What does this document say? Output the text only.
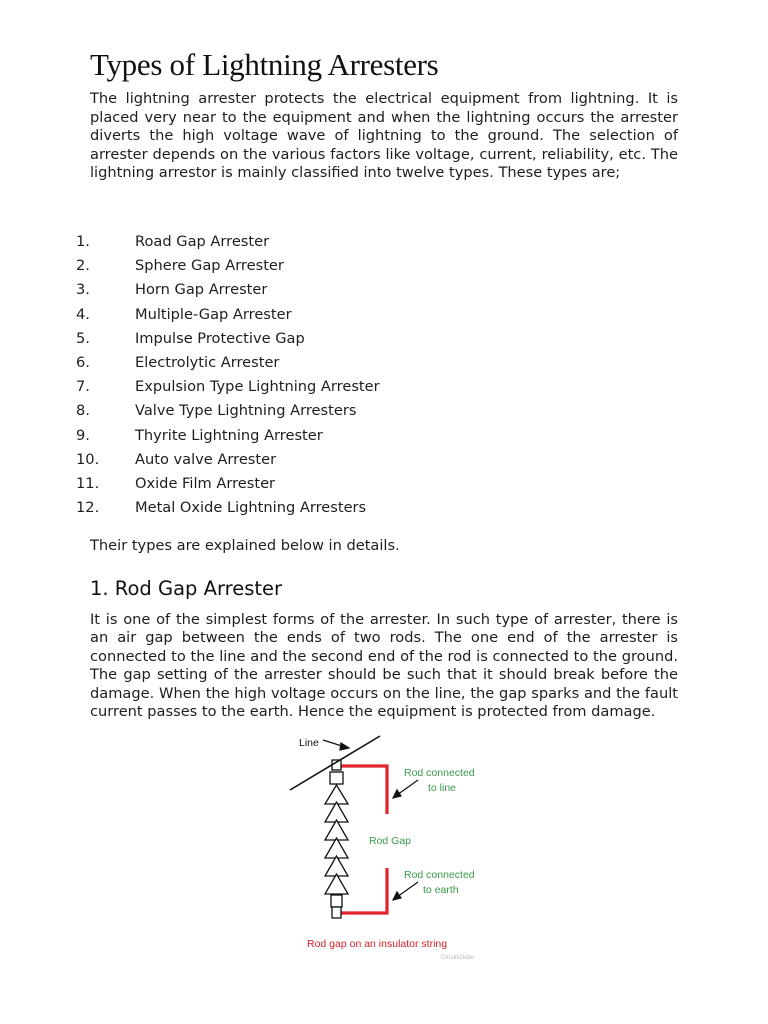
Types of Lightning Arresters

The lightning arrester protects the electrical equipment from lightning. It is placed very near to the equipment and when the lightning occurs the arrester diverts the high voltage wave of lightning to the ground. The selection of arrester depends on the various factors like voltage, current, reliability, etc. The lightning arrestor is mainly classified into twelve types. These types are;

1.	Road Gap Arrester
2.	Sphere Gap Arrester
3.	Horn Gap Arrester
4.	Multiple-Gap Arrester
5.	Impulse Protective Gap
6.	Electrolytic Arrester
7.	Expulsion Type Lightning Arrester
8.	Valve Type Lightning Arresters
9.	Thyrite Lightning Arrester
10. Auto valve Arrester
11. Oxide Film Arrester
12. Metal Oxide Lightning Arresters

Their types are explained below in details.

1. Rod Gap Arrester

It is one of the simplest forms of the arrester. In such type of arrester, there is an air gap between the ends of two rods. The one end of the arrester is connected to the line and the second end of the rod is connected to the ground. The gap setting of the arrester should be such that it should break before the damage. When the high voltage occurs on the line, the gap sparks and the fault current passes to the earth. Hence the equipment is protected from damage.

Line
Rod connected
to line
Rod Gap
Rod connected
to earth
Rod gap on an insulator string
CircuitGlobe
